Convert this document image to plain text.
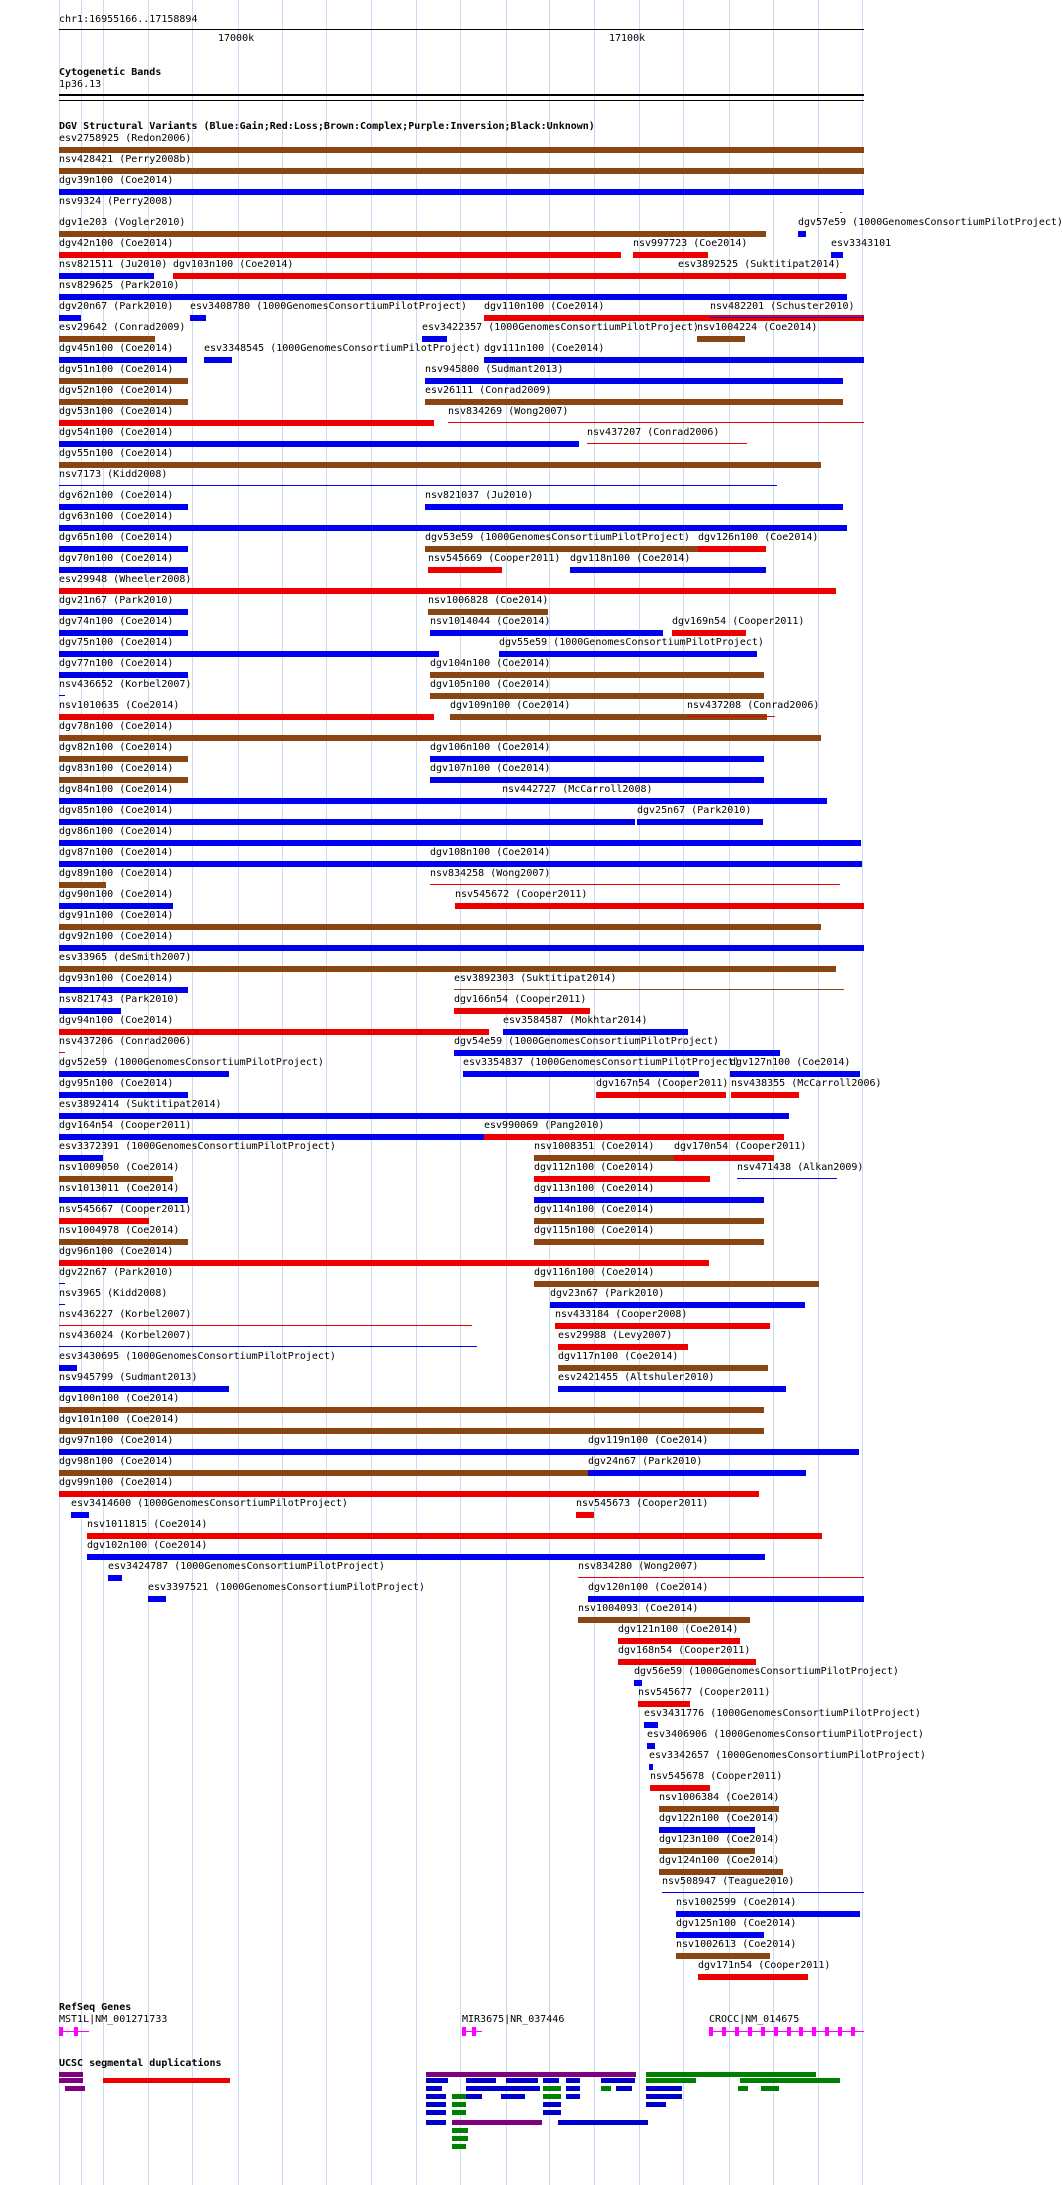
chr1:16955166..17158894
17000k	17100k
Cytogenetic Bands
1p36.13
DGV Structural Variants (Blue:Gain;Red:Loss;Brown:Complex;Purple:Inversion;Black:Unknown)
esv2758925 (Redon2006)
nsv428421 (Perry2008b)
dgv39n100 (Coe2014)
nsv9324 (Perry2008)
dgv1e203 (Vogler2010)	dgv57e59 (1000GenomesConsortiumPilotProject)
dgv42n100 (Coe2014)	nsv997723 (Coe2014)	esv3343101
nsv821511 (Ju2010) dgv103n100 (Coe2014)	esv3892525 (Suktitipat2014)
nsv829625 (Park2010)
dgv20n67 (Park2010) esv3408780 (1000GenomesConsortiumPilotProject) dgv110n100 (Coe2014)	nsv482201 (Schuster2010)
esv29642 (Conrad2009)	esv3422357 (1000GenomesConsortiumPilotProject)
nsv1004224 (Coe2014)
dgv45n100 (Coe2014)	esv3348545 (1000GenomesConsortiumPilotProject) dgv111n100 (Coe2014)
dgv51n100 (Coe2014)	nsv945800 (Sudmant2013)
dgv52n100 (Coe2014)	esv26111 (Conrad2009)
dgv53n100 (Coe2014)	nsv834269 (Wong2007)
dgv54n100 (Coe2014)	nsv437207 (Conrad2006)
dgv55n100 (Coe2014)
nsv7173 (Kidd2008)
dgv62n100 (Coe2014)	nsv821037 (Ju2010)
dgv63n100 (Coe2014)
dgv65n100 (Coe2014)	dgv53e59 (1000GenomesConsortiumPilotProject) dgv126n100 (Coe2014)
dgv70n100 (Coe2014)	nsv545669 (Cooper2011) dgv118n100 (Coe2014)
esv29948 (Wheeler2008)
dgv21n67 (Park2010)	nsv1006828 (Coe2014)
dgv74n100 (Coe2014)	nsv1014044 (Coe2014)	dgv169n54 (Cooper2011)
dgv75n100 (Coe2014)	dgv55e59 (1000GenomesConsortiumPilotProject)
dgv77n100 (Coe2014)	dgv104n100 (Coe2014)
nsv436652 (Korbel2007)	dgv105n100 (Coe2014)
nsv1010635 (Coe2014)	dgv109n100 (Coe2014)	nsv437208 (Conrad2006)
dgv78n100 (Coe2014)
dgv82n100 (Coe2014)	dgv106n100 (Coe2014)
dgv83n100 (Coe2014)	dgv107n100 (Coe2014)
dgv84n100 (Coe2014)	nsv442727 (McCarroll2008)
dgv85n100 (Coe2014)	dgv25n67 (Park2010)
dgv86n100 (Coe2014)
dgv87n100 (Coe2014)	dgv108n100 (Coe2014)
dgv89n100 (Coe2014)	nsv834258 (Wong2007)
dgv90n100 (Coe2014)	nsv545672 (Cooper2011)
dgv91n100 (Coe2014)
dgv92n100 (Coe2014)
esv33965 (deSmith2007)
dgv93n100 (Coe2014)	esv3892303 (Suktitipat2014)
nsv821743 (Park2010)	dgv166n54 (Cooper2011)
dgv94n100 (Coe2014)	esv3584587 (Mokhtar2014)
nsv437206 (Conrad2006)	dgv54e59 (1000GenomesConsortiumPilotProject)
dgv52e59 (1000GenomesConsortiumPilotProject)	esv3354837 (1000GenomesConsortiumPilotProject)
dgv127n100 (Coe2014)
dgv95n100 (Coe2014)	dgv167n54 (Cooper2011) nsv438355 (McCarroll2006)
esv3892414 (Suktitipat2014)
dgv164n54 (Cooper2011)	esv990069 (Pang2010)
esv3372391 (1000GenomesConsortiumPilotProject)	nsv1008351 (Coe2014) dgv170n54 (Cooper2011)
nsv1009050 (Coe2014)	dgv112n100 (Coe2014)	nsv471438 (Alkan2009)
nsv1013011 (Coe2014)	dgv113n100 (Coe2014)
nsv545667 (Cooper2011)	dgv114n100 (Coe2014)
nsv1004978 (Coe2014)	dgv115n100 (Coe2014)
dgv96n100 (Coe2014)
dgv22n67 (Park2010)	dgv116n100 (Coe2014)
nsv3965 (Kidd2008)	dgv23n67 (Park2010)
nsv436227 (Korbel2007)	nsv433184 (Cooper2008)
nsv436024 (Korbel2007)	esv29988 (Levy2007)
esv3430695 (1000GenomesConsortiumPilotProject)	dgv117n100 (Coe2014)
nsv945799 (Sudmant2013)	esv2421455 (Altshuler2010)
dgv100n100 (Coe2014)
dgv101n100 (Coe2014)
dgv97n100 (Coe2014)	dgv119n100 (Coe2014)
dgv98n100 (Coe2014)	dgv24n67 (Park2010)
dgv99n100 (Coe2014)
esv3414600 (1000GenomesConsortiumPilotProject)	nsv545673 (Cooper2011)
nsv1011815 (Coe2014)
dgv102n100 (Coe2014)
esv3424787 (1000GenomesConsortiumPilotProject)	nsv834280 (Wong2007)
esv3397521 (1000GenomesConsortiumPilotProject)	dgv120n100 (Coe2014)
nsv1004093 (Coe2014)
dgv121n100 (Coe2014)
dgv168n54 (Cooper2011)
dgv56e59 (1000GenomesConsortiumPilotProject)
nsv545677 (Cooper2011)
esv3431776 (1000GenomesConsortiumPilotProject)
esv3406906 (1000GenomesConsortiumPilotProject)
esv3342657 (1000GenomesConsortiumPilotProject)
nsv545678 (Cooper2011)
nsv1006384 (Coe2014)
dgv122n100 (Coe2014)
dgv123n100 (Coe2014)
dgv124n100 (Coe2014)
nsv508947 (Teague2010)
nsv1002599 (Coe2014)
dgv125n100 (Coe2014)
nsv1002613 (Coe2014)
dgv171n54 (Cooper2011)
RefSeq Genes
MST1L|NM_001271733	MIR3675|NR_037446	CROCC|NM_014675
UCSC segmental duplications
